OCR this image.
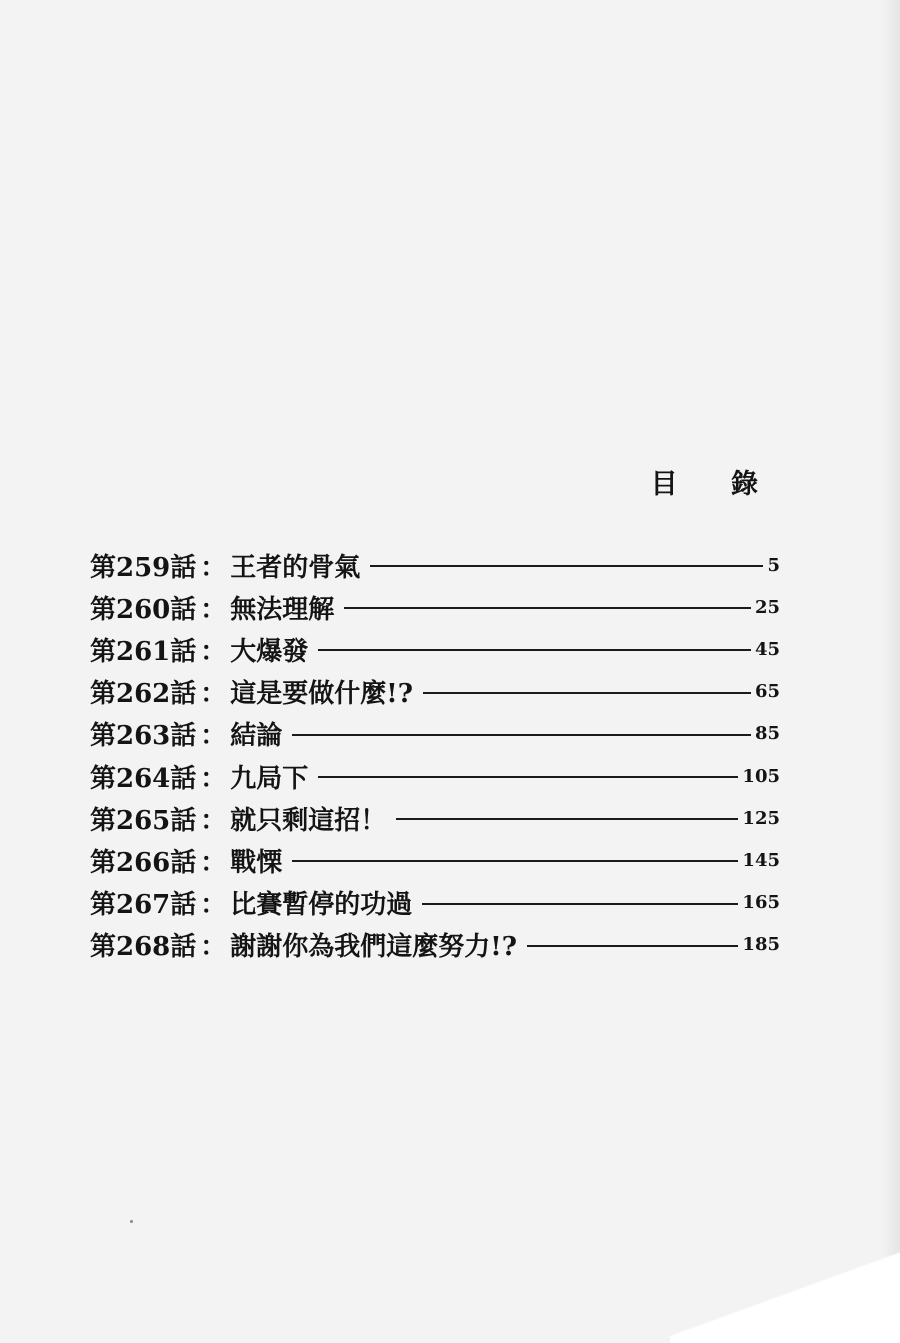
目 錄
第259話 ： 王者的骨氣	5
第260話 ： 無法理解	25
第261話 ： 大爆發	45
第262話 ： 這是要做什麼!?	65
第263話 ： 結論	85
第264話 ： 九局下	105
第265話 ： 就只剩這招！	125
第266話 ： 戰慄	145
第267話 ： 比賽暫停的功過	165
第268話 ： 謝謝你為我們這麼努力!?	185
